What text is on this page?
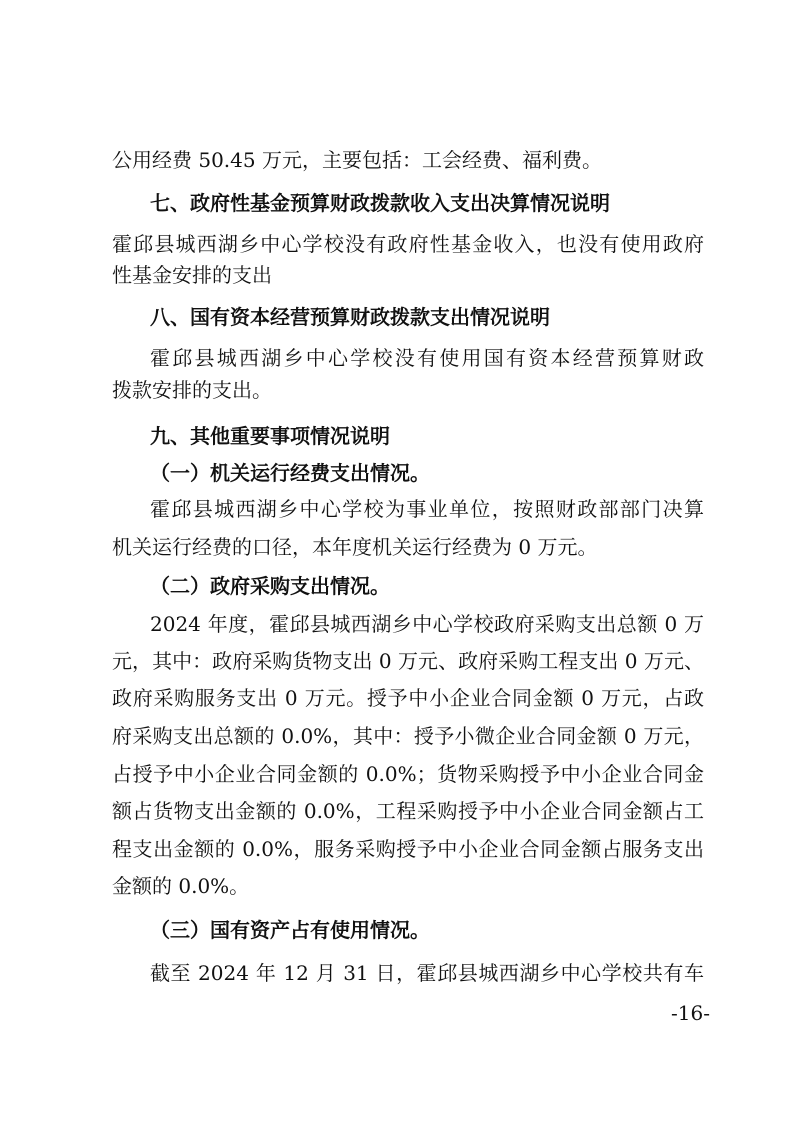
公用经费 50.45 万元，主要包括：工会经费、福利费。
七、政府性基金预算财政拨款收入支出决算情况说明
霍邱县城西湖乡中心学校没有政府性基金收入，也没有使用政府
性基金安排的支出
八、国有资本经营预算财政拨款支出情况说明
霍邱县城西湖乡中心学校没有使用国有资本经营预算财政
拨款安排的支出。
九、其他重要事项情况说明
（一）机关运行经费支出情况。
霍邱县城西湖乡中心学校为事业单位，按照财政部部门决算
机关运行经费的口径，本年度机关运行经费为 0 万元。
（二）政府采购支出情况。
2024 年度，霍邱县城西湖乡中心学校政府采购支出总额 0 万
元，其中：政府采购货物支出 0 万元、政府采购工程支出 0 万元、
政府采购服务支出 0 万元。授予中小企业合同金额 0 万元，占政
府采购支出总额的 0.0%，其中：授予小微企业合同金额 0 万元，
占授予中小企业合同金额的 0.0%；货物采购授予中小企业合同金
额占货物支出金额的 0.0%，工程采购授予中小企业合同金额占工
程支出金额的 0.0%，服务采购授予中小企业合同金额占服务支出
金额的 0.0%。
（三）国有资产占有使用情况。
截至 2024 年 12 月 31 日，霍邱县城西湖乡中心学校共有车
-16-
